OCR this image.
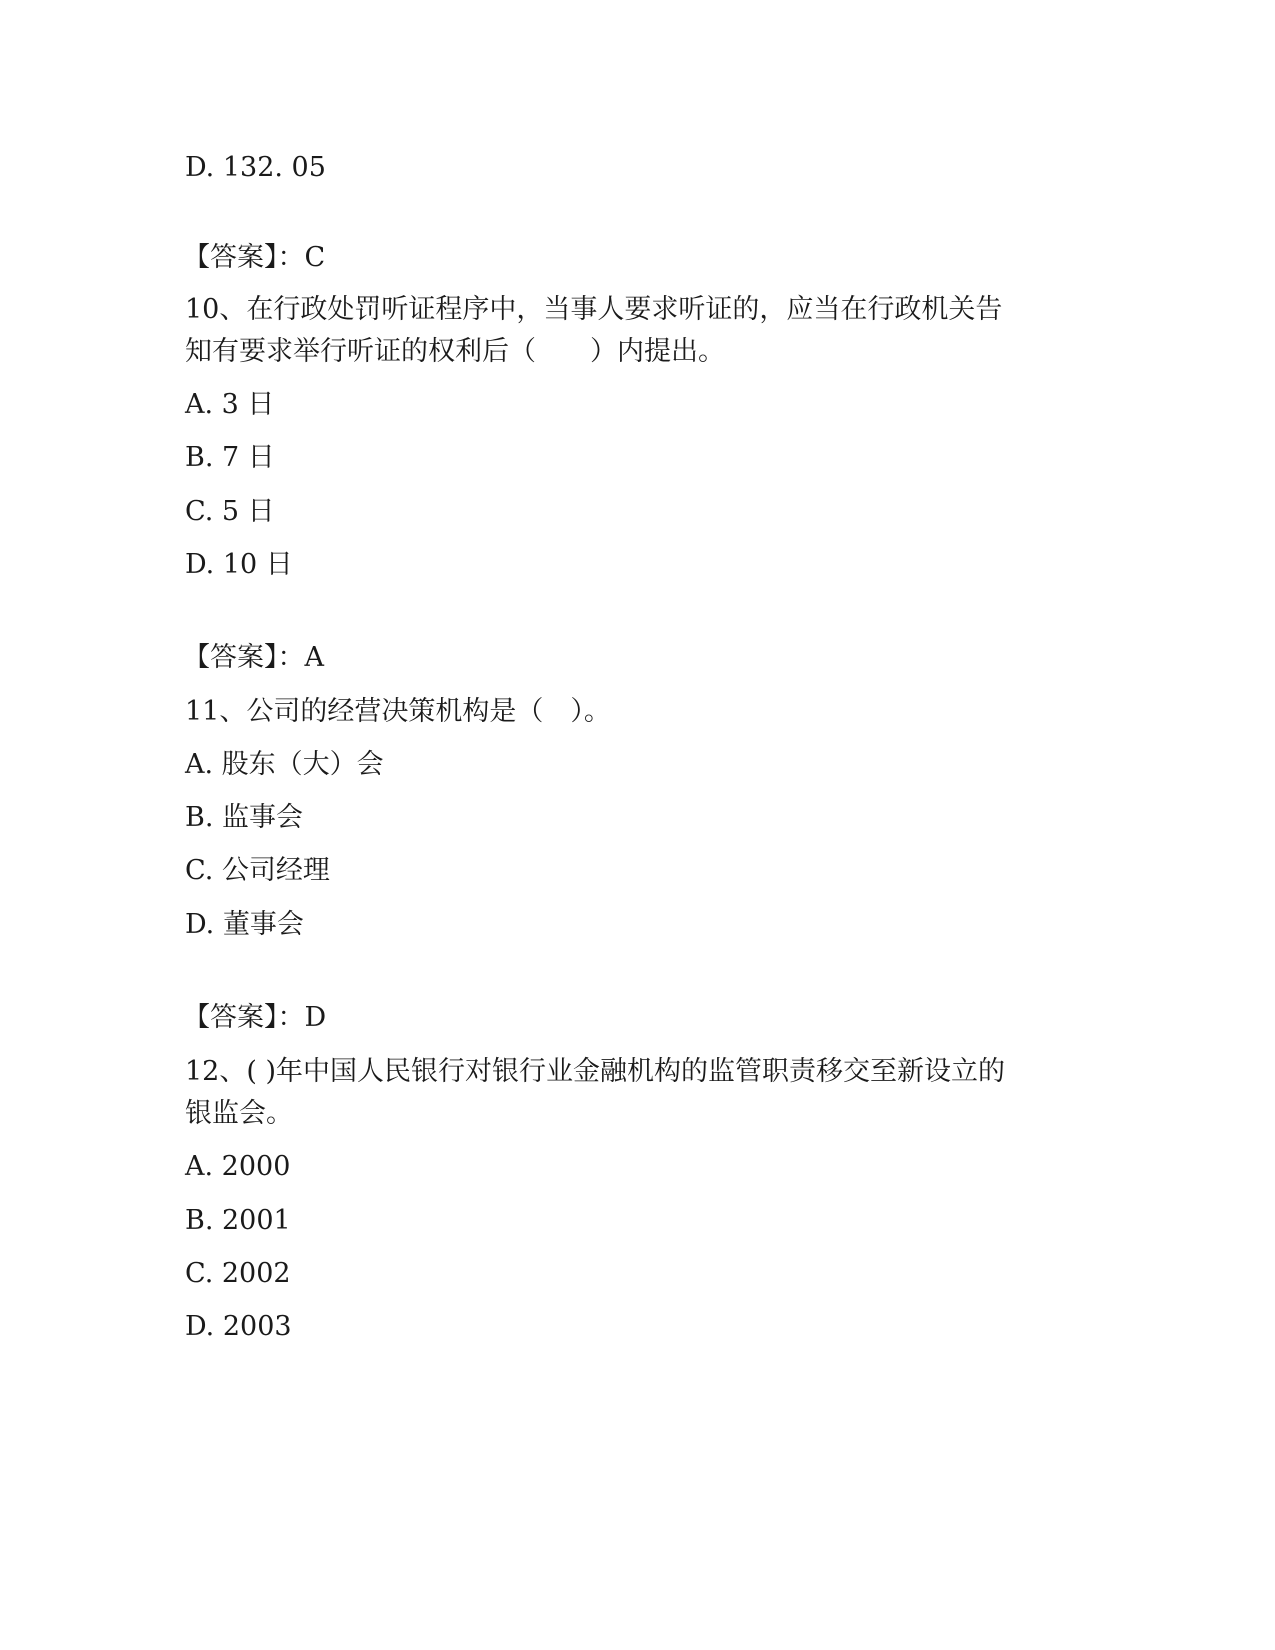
D. 132. 05
【答案】：C
10、在行政处罚听证程序中，当事人要求听证的，应当在行政机关告
知有要求举行听证的权利后（　　）内提出。
A. 3 日
B. 7 日
C. 5 日
D. 10 日
【答案】：A
11、公司的经营决策机构是（　）。
A. 股东（大）会
B. 监事会
C. 公司经理
D. 董事会
【答案】：D
12、( )年中国人民银行对银行业金融机构的监管职责移交至新设立的
银监会。
A. 2000
B. 2001
C. 2002
D. 2003
